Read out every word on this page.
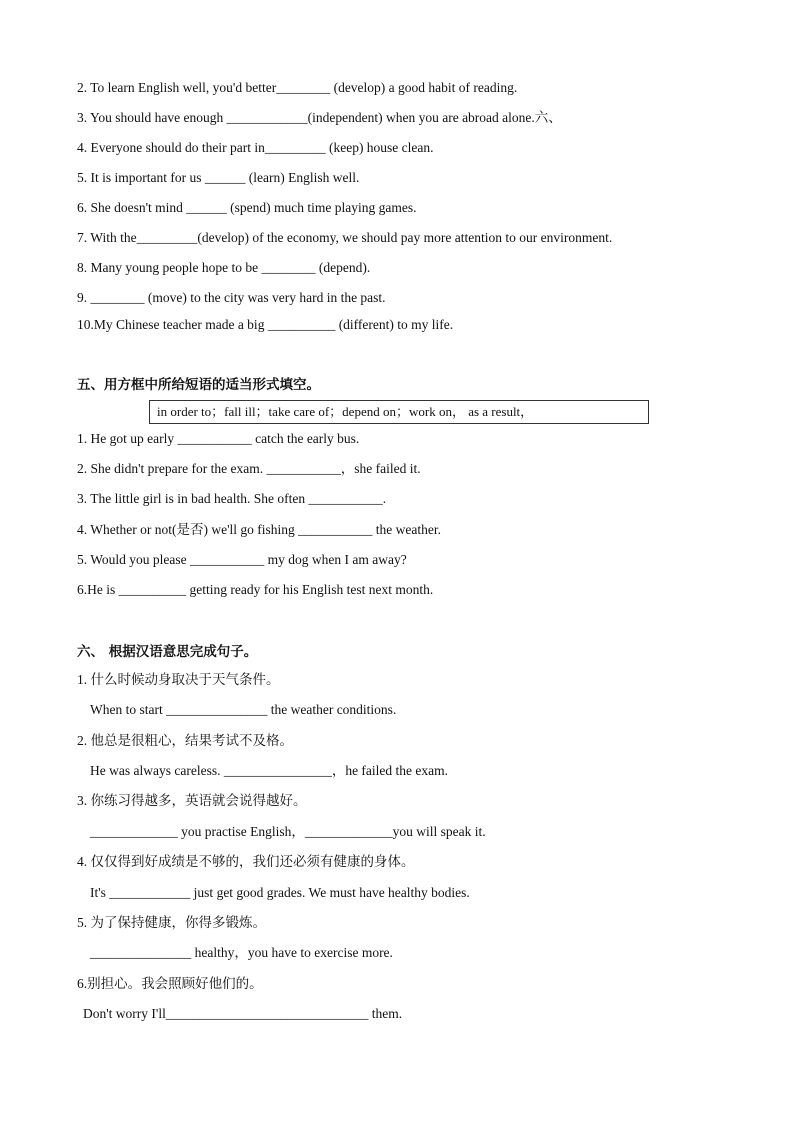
2. To learn English well, you'd better________ (develop) a good habit of reading.
3. You should have enough ____________(independent) when you are abroad alone.六、
4. Everyone should do their part in_________ (keep) house clean.
5. It is important for us ______ (learn) English well.
6. She doesn't mind ______ (spend) much time playing games.
7. With the_________(develop) of the economy, we should pay more attention to our environment.
8. Many young people hope to be ________ (depend).
9. ________ (move) to the city was very hard in the past.
10.My Chinese teacher made a big __________ (different) to my life.
五、用方框中所给短语的适当形式填空。
in order to；fall ill；take care of；depend on；work on， as a result，
1. He got up early ___________ catch the early bus.
2. She didn't prepare for the exam. ___________，she failed it.
3. The little girl is in bad health. She often ___________.
4. Whether or not(是否) we'll go fishing ___________ the weather.
5. Would you please ___________ my dog when I am away?
6.He is __________ getting ready for his English test next month.
六、 根据汉语意思完成句子。
1. 什么时候动身取决于天气条件。
When to start _______________ the weather conditions.
2. 他总是很粗心，结果考试不及格。
He was always careless. ________________，he failed the exam.
3. 你练习得越多，英语就会说得越好。
_____________ you practise English，_____________you will speak it.
4. 仅仅得到好成绩是不够的，我们还必须有健康的身体。
It's ____________ just get good grades. We must have healthy bodies.
5. 为了保持健康，你得多锻炼。
_______________ healthy，you have to exercise more.
6.别担心。我会照顾好他们的。
Don't worry I'll______________________________ them.
